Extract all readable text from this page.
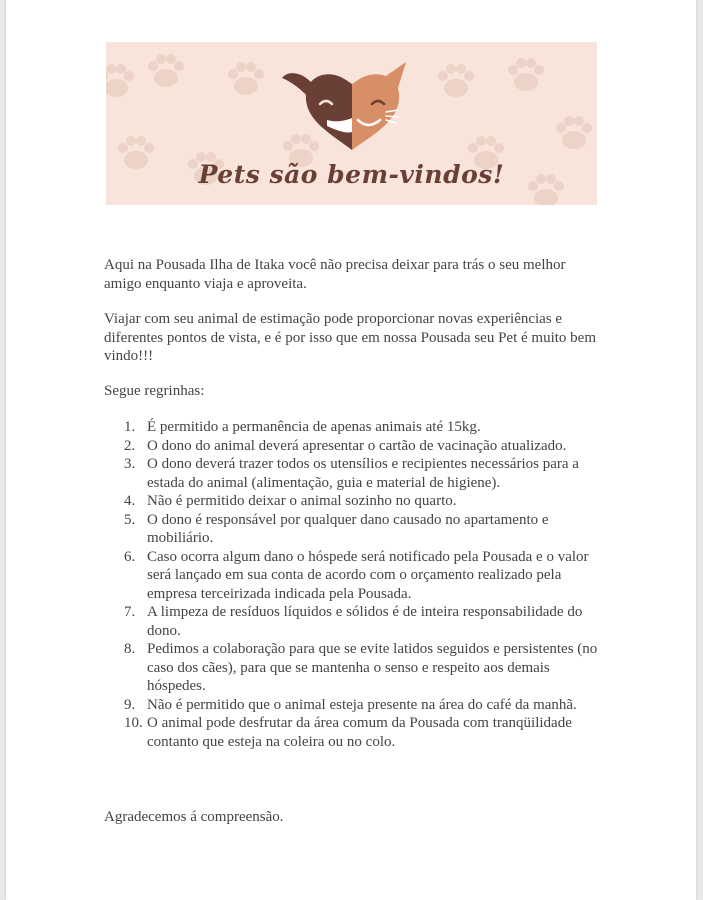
Pets são bem-vindos!
Aqui na Pousada Ilha de Itaka você não precisa deixar para trás o seu melhor amigo enquanto viaja e aproveita.
Viajar com seu animal de estimação pode proporcionar novas experiências e diferentes pontos de vista, e é por isso que em nossa Pousada seu Pet é muito bem vindo!!!
Segue regrinhas:
1. É permitido a permanência de apenas animais até 15kg.
2. O dono do animal deverá apresentar o cartão de vacinação atualizado.
3. O dono deverá trazer todos os utensílios e recipientes necessários para a estada do animal (alimentação, guia e material de higiene).
4. Não é permitido deixar o animal sozinho no quarto.
5. O dono é responsável por qualquer dano causado no apartamento e mobiliário.
6. Caso ocorra algum dano o hóspede será notificado pela Pousada e o valor será lançado em sua conta de acordo com o orçamento realizado pela empresa terceirizada indicada pela Pousada.
7. A limpeza de resíduos líquidos e sólidos é de inteira responsabilidade do dono.
8. Pedimos a colaboração para que se evite latidos seguidos e persistentes (no caso dos cães), para que se mantenha o senso e respeito aos demais hóspedes.
9. Não é permitido que o animal esteja presente na área do café da manhã.
10. O animal pode desfrutar da área comum da Pousada com tranqüilidade contanto que esteja na coleira ou no colo.
Agradecemos á compreensão.
